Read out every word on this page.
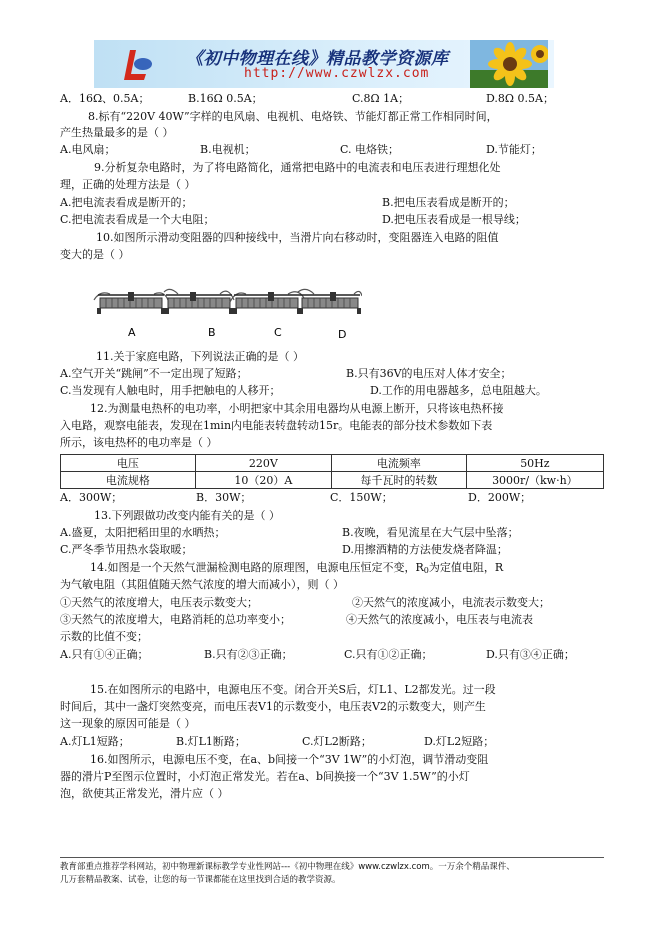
《初中物理在线》精品教学资源库
http://www.czwlzx.com
A．16Ω、0.5A；	B.16Ω 0.5A；	C.8Ω 1A；	D.8Ω 0.5A；
8.标有“220V 40W”字样的电风扇、电视机、电烙铁、节能灯都正常工作相同时间，
产生热量最多的是（ ）
A.电风扇；	B.电视机；	C. 电烙铁；	D.节能灯；
9.分析复杂电路时，为了将电路简化，通常把电路中的电流表和电压表进行理想化处
理，正确的处理方法是（ ）
A.把电流表看成是断开的；	B.把电压表看成是断开的；
C.把电流表看成是一个大电阻；	D.把电压表看成是一根导线；
10.如图所示滑动变阻器的四种接线中，当滑片向右移动时，变阻器连入电路的阻值
变大的是（ ）
A	B	C	D
11.关于家庭电路，下列说法正确的是（ ）
A.空气开关“跳闸”不一定出现了短路；	B.只有36V的电压对人体才安全；
C.当发现有人触电时，用手把触电的人移开；	D.工作的用电器越多，总电阻越大。
12.为测量电热杯的电功率，小明把家中其余用电器均从电源上断开，只将该电热杯接
入电路，观察电能表，发现在1min内电能表转盘转动15r。电能表的部分技术参数如下表
所示，该电热杯的电功率是（ ）
电压	220V	电流频率	50Hz
电流规格	10（20）A	每千瓦时的转数	3000r/（kw·h）
A．300W；	B．30W；	C．150W；	D．200W；
13.下列跟做功改变内能有关的是（ ）
A.盛夏，太阳把稻田里的水晒热；	B.夜晚，看见流星在大气层中坠落；
C.严冬季节用热水袋取暖；	D.用擦酒精的方法使发烧者降温；
14.如图是一个天然气泄漏检测电路的原理图，电源电压恒定不变，$R_0$为定值电阻，R
为气敏电阻（其阻值随天然气浓度的增大而减小），则（ ）
①天然气的浓度增大，电压表示数变大；	②天然气的浓度减小，电流表示数变大；
③天然气的浓度增大，电路消耗的总功率变小；	④天然气的浓度减小，电压表与电流表
示数的比值不变；
A.只有①④正确；	B.只有②③正确；	C.只有①②正确；	D.只有③④正确；
15.在如图所示的电路中，电源电压不变。闭合开关S后，灯L1、L2都发光。过一段
时间后，其中一盏灯突然变亮，而电压表V1的示数变小，电压表V2的示数变大，则产生
这一现象的原因可能是（ ）
A.灯L1短路；	B.灯L1断路；	C.灯L2断路；	D.灯L2短路；
16.如图所示，电源电压不变，在a、b间接一个“3V 1W”的小灯泡，调节滑动变阻
器的滑片P至图示位置时，小灯泡正常发光。若在a、b间换接一个“3V 1.5W”的小灯
泡，欲使其正常发光，滑片应（ ）
教育部重点推荐学科网站，初中物理新课标教学专业性网站---《初中物理在线》www.czwlzx.com。一万余个精品课件、
几万套精品教案、试卷，让您的每一节课都能在这里找到合适的教学资源。
